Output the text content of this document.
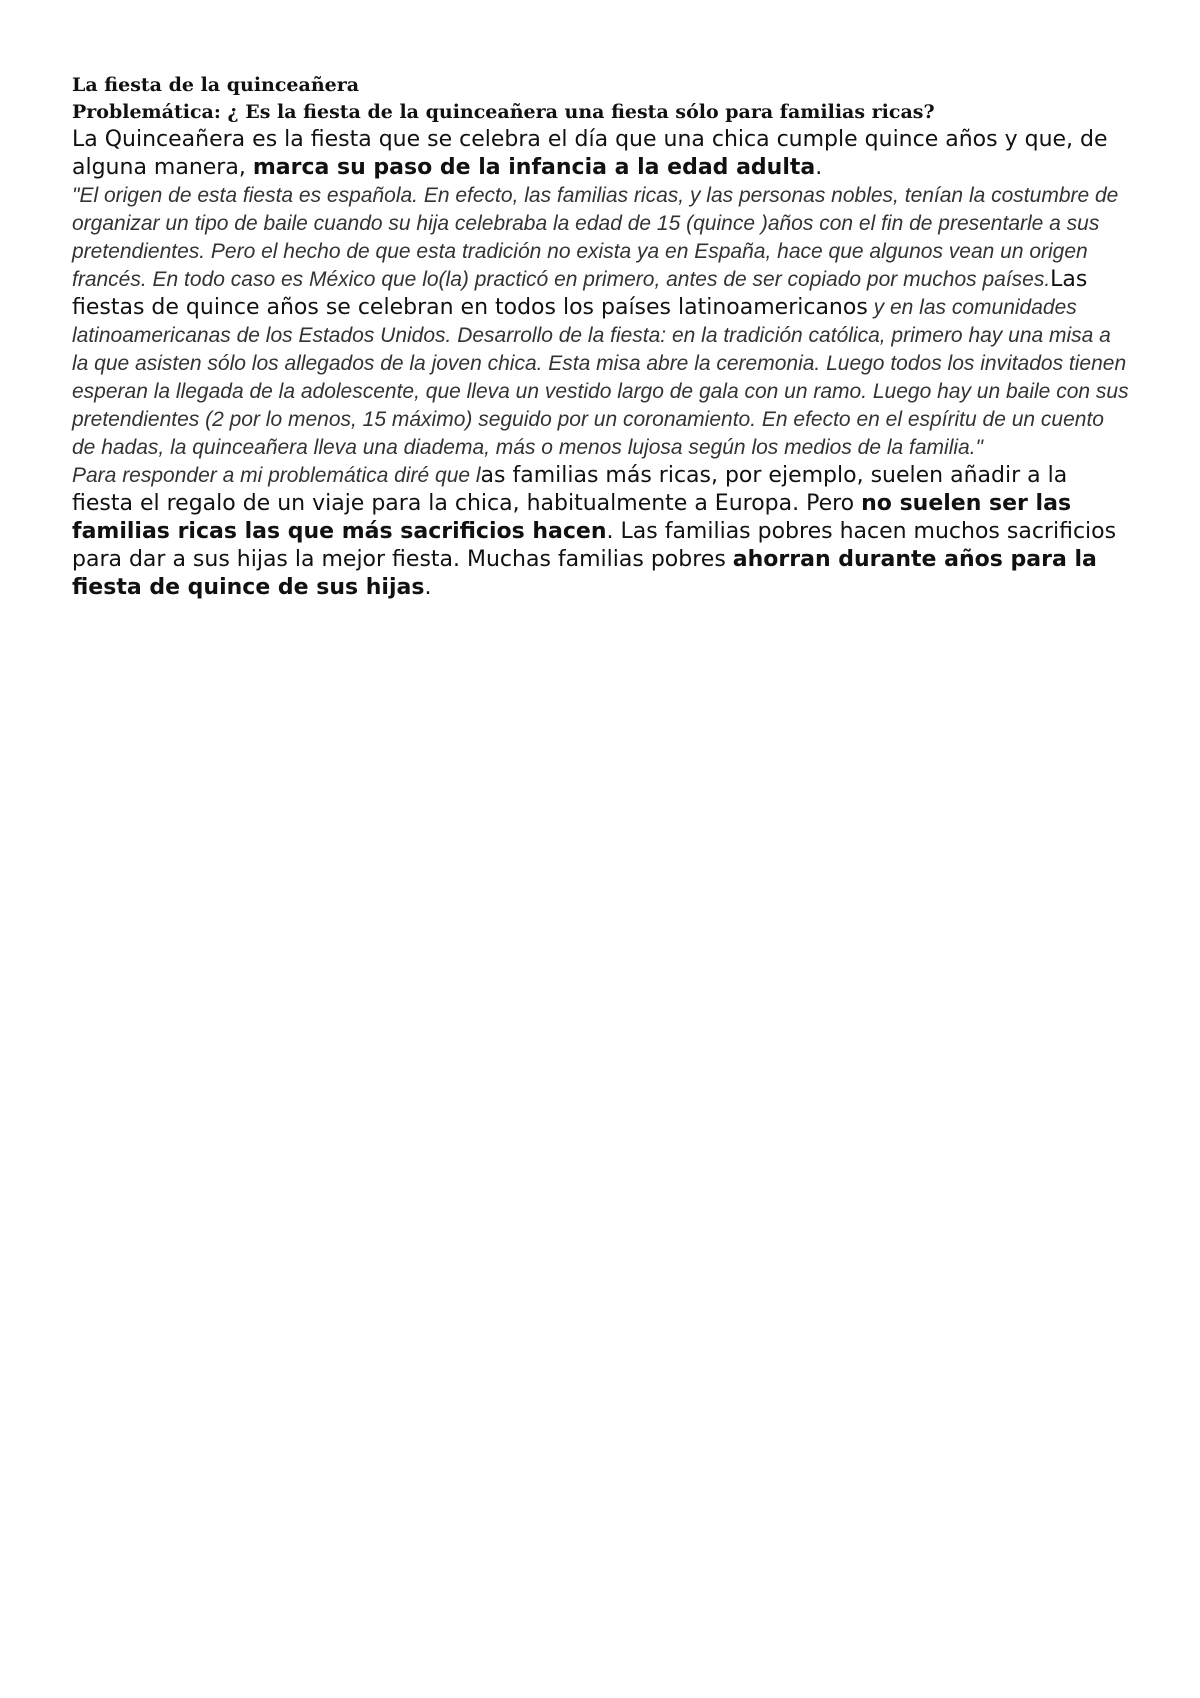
La fiesta de la quinceañera

Problemática: ¿ Es la fiesta de la quinceañera una fiesta sólo para familias ricas?

La Quinceañera es la fiesta que se celebra el día que una chica cumple quince años y que, de alguna manera, marca su paso de la infancia a la edad adulta.

"El origen de esta fiesta es española. En efecto, las familias ricas, y las personas nobles, tenían la costumbre de organizar un tipo de baile cuando su hija celebraba la edad de 15 (quince )años con el fin de presentarle a sus pretendientes. Pero el hecho de que esta tradición no exista ya en España, hace que algunos vean un origen francés. En todo caso es México que lo(la) practicó en primero, antes de ser copiado por muchos países.Las fiestas de quince años se celebran en todos los países latinoamericanos y en las comunidades latinoamericanas de los Estados Unidos. Desarrollo de la fiesta: en la tradición católica, primero hay una misa a la que asisten sólo los allegados de la joven chica. Esta misa abre la ceremonia. Luego todos los invitados tienen esperan la llegada de la adolescente, que lleva un vestido largo de gala con un ramo. Luego hay un baile con sus pretendientes (2 por lo menos, 15 máximo) seguido por un coronamiento. En efecto en el espíritu de un cuento de hadas, la quinceañera lleva una diadema, más o menos lujosa según los medios de la familia."

Para responder a mi problemática diré que las familias más ricas, por ejemplo, suelen añadir a la fiesta el regalo de un viaje para la chica, habitualmente a Europa. Pero no suelen ser las familias ricas las que más sacrificios hacen. Las familias pobres hacen muchos sacrificios para dar a sus hijas la mejor fiesta. Muchas familias pobres ahorran durante años para la fiesta de quince de sus hijas.
